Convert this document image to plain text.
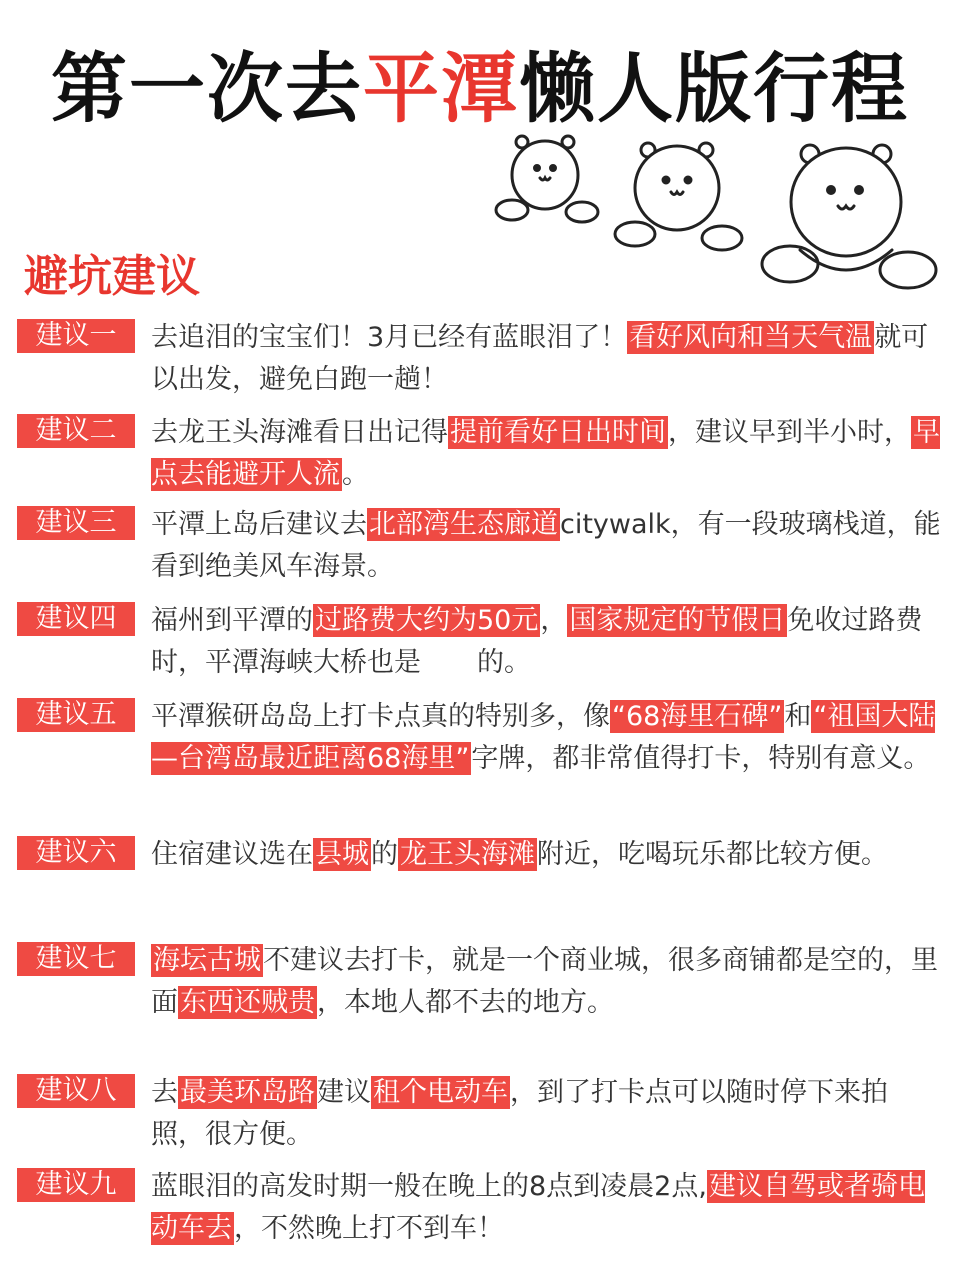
第一次去平潭懒人版行程
避坑建议
建议一	去追泪的宝宝们！3月已经有蓝眼泪了！看好风向和当天气温就可以出发，避免白跑一趟！
建议二	去龙王头海滩看日出记得提前看好日出时间，建议早到半小时，早点去能避开人流。
建议三	平潭上岛后建议去北部湾生态廊道citywalk，有一段玻璃栈道，能看到绝美风车海景。
建议四	福州到平潭的过路费大约为50元，国家规定的节假日免收过路费时，平潭海峡大桥也是 的。
建议五	平潭猴研岛岛上打卡点真的特别多，像“68海里石碑”和“祖国大陆—台湾岛最近距离68海里”字牌，都非常值得打卡，特别有意义。
建议六	住宿建议选在县城的龙王头海滩附近，吃喝玩乐都比较方便。
建议七	海坛古城不建议去打卡，就是一个商业城，很多商铺都是空的，里面东西还贼贵，本地人都不去的地方。
建议八	去最美环岛路建议租个电动车，到了打卡点可以随时停下来拍照，很方便。
建议九	蓝眼泪的高发时期一般在晚上的8点到凌晨2点,建议自驾或者骑电动车去，不然晚上打不到车！
